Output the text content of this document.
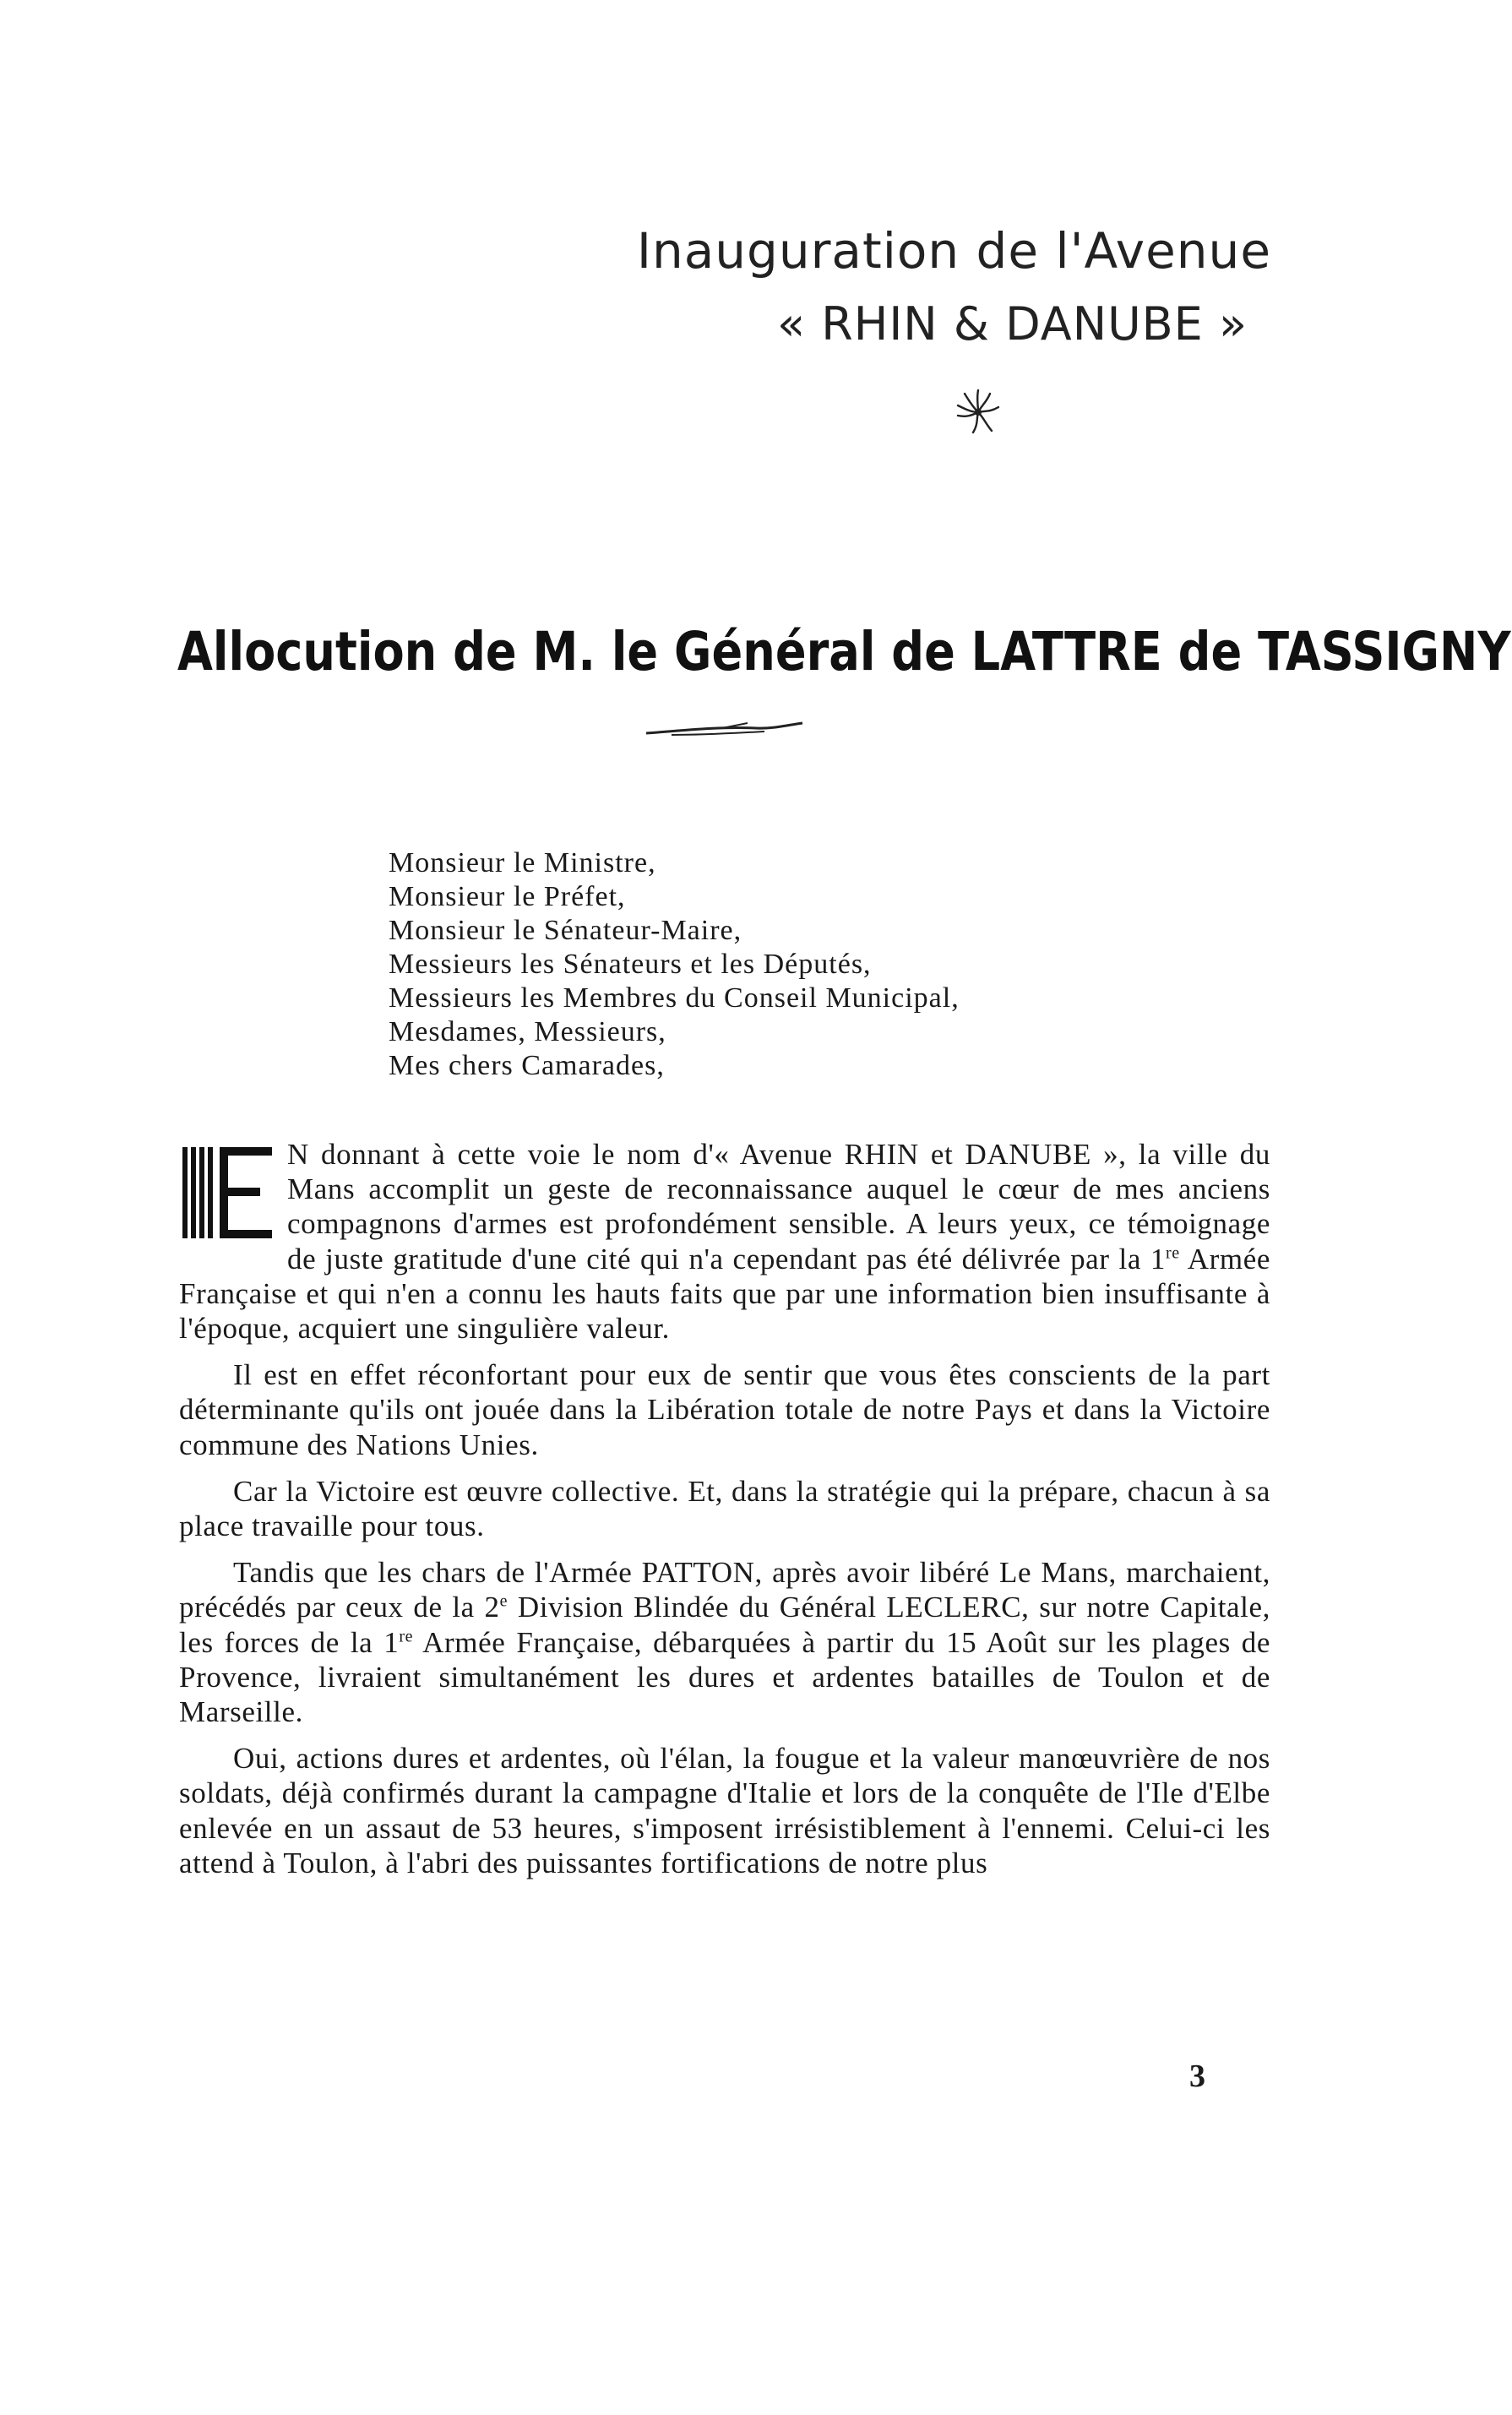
Inauguration de l'Avenue
« RHIN & DANUBE »
Allocution de M. le Général de LATTRE de TASSIGNY
Monsieur le Ministre,
Monsieur le Préfet,
Monsieur le Sénateur-Maire,
Messieurs les Sénateurs et les Députés,
Messieurs les Membres du Conseil Municipal,
Mesdames, Messieurs,
Mes chers Camarades,

N donnant à cette voie le nom d'« Avenue RHIN et DANUBE », la ville du Mans accomplit un geste de reconnaissance auquel le cœur de mes anciens compagnons d'armes est profondément sensible. A leurs yeux, ce témoignage de juste gratitude d'une cité qui n'a cependant pas été délivrée par la 1re Armée Française et qui n'en a connu les hauts faits que par une information bien insuffisante à l'époque, acquiert une singulière valeur.

Il est en effet réconfortant pour eux de sentir que vous êtes conscients de la part déterminante qu'ils ont jouée dans la Libération totale de notre Pays et dans la Victoire commune des Nations Unies.

Car la Victoire est œuvre collective. Et, dans la stratégie qui la prépare, chacun à sa place travaille pour tous.

Tandis que les chars de l'Armée PATTON, après avoir libéré Le Mans, marchaient, précédés par ceux de la 2e Division Blindée du Général LECLERC, sur notre Capitale, les forces de la 1re Armée Française, débarquées à partir du 15 Août sur les plages de Provence, livraient simultanément les dures et ardentes batailles de Toulon et de Marseille.

Oui, actions dures et ardentes, où l'élan, la fougue et la valeur manœuvrière de nos soldats, déjà confirmés durant la campagne d'Italie et lors de la conquête de l'Ile d'Elbe enlevée en un assaut de 53 heures, s'imposent irrésistiblement à l'ennemi. Celui-ci les attend à Toulon, à l'abri des puissantes fortifications de notre plus

3
